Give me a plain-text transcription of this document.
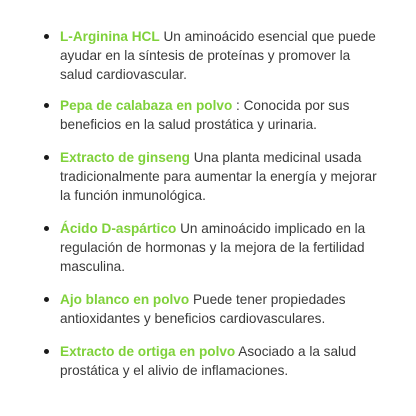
L-Arginina HCL Un aminoácido esencial que puede ayudar en la síntesis de proteínas y promover la salud cardiovascular.
Pepa de calabaza en polvo : Conocida por sus beneficios en la salud prostática y urinaria.
Extracto de ginseng Una planta medicinal usada tradicionalmente para aumentar la energía y mejorar la función inmunológica.
Ácido D-aspártico Un aminoácido implicado en la regulación de hormonas y la mejora de la fertilidad masculina.
Ajo blanco en polvo Puede tener propiedades antioxidantes y beneficios cardiovasculares.
Extracto de ortiga en polvo Asociado a la salud prostática y el alivio de inflamaciones.
